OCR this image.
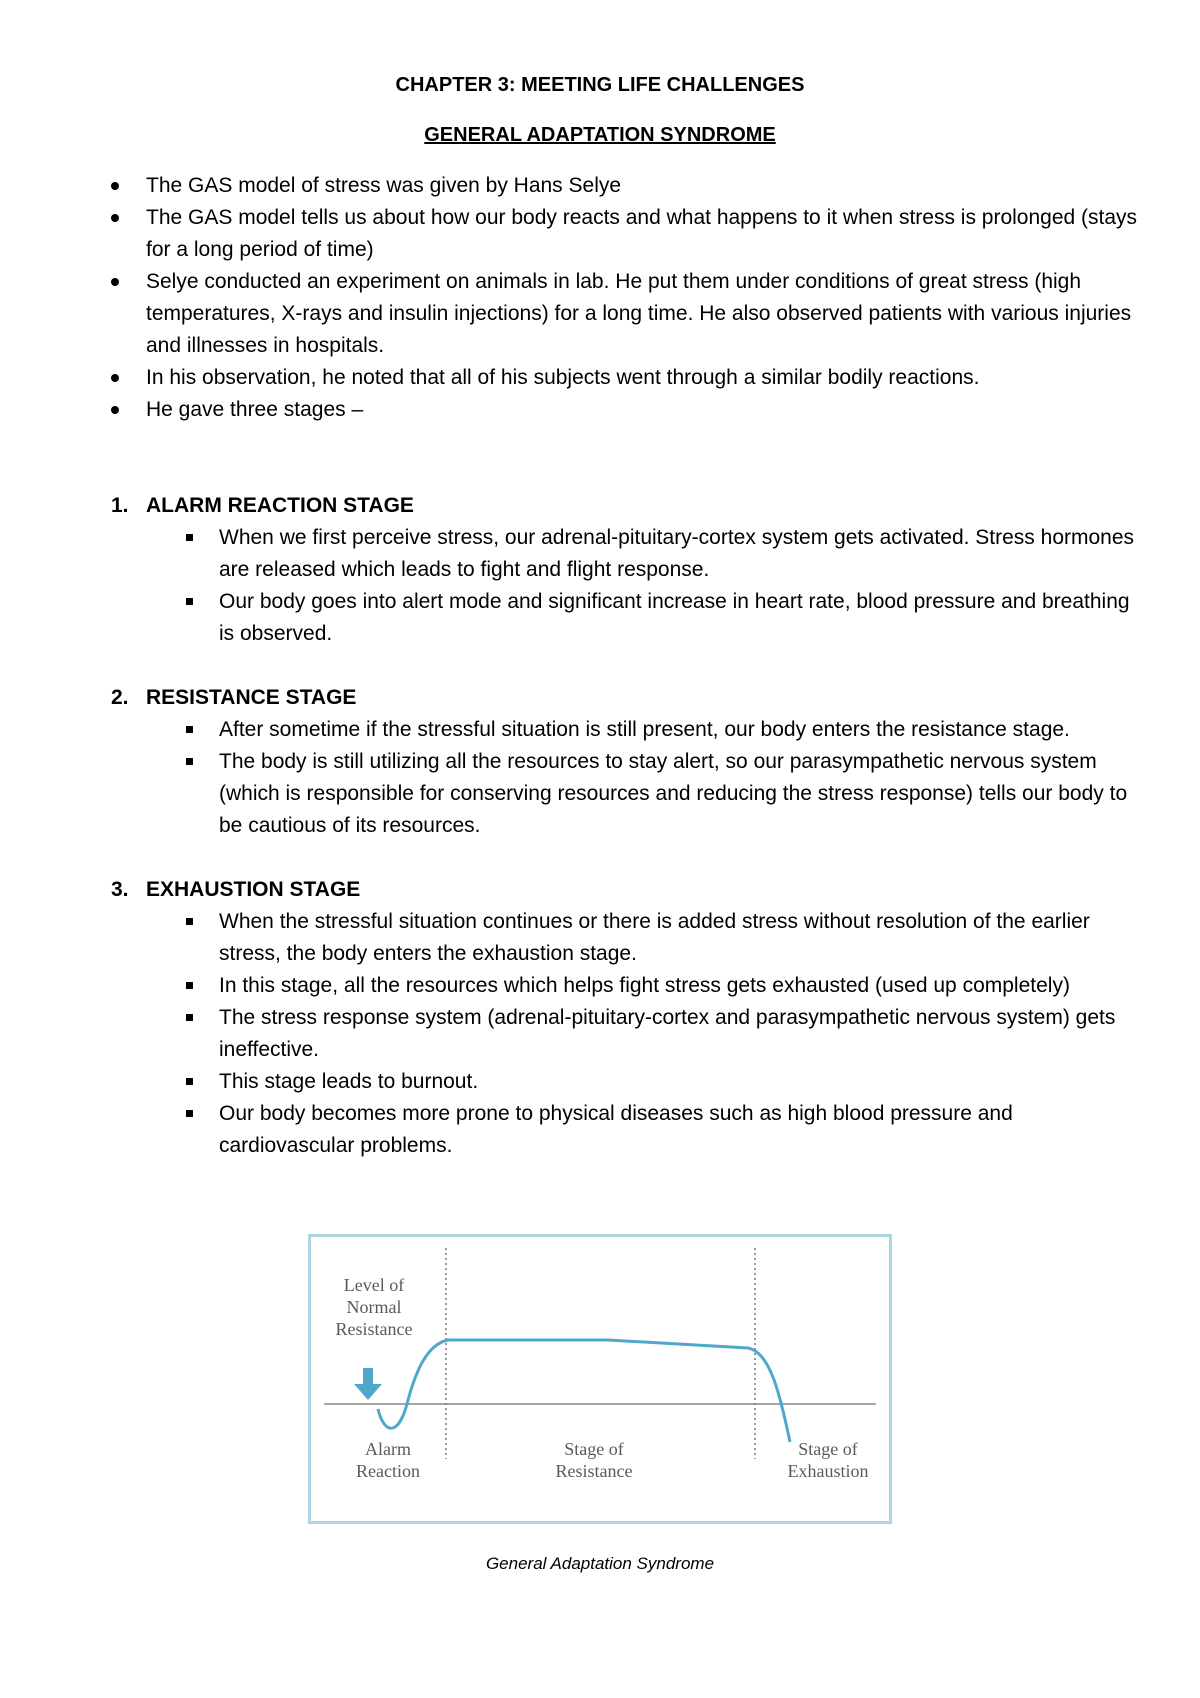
CHAPTER 3: MEETING LIFE CHALLENGES
GENERAL ADAPTATION SYNDROME
The GAS model of stress was given by Hans Selye
The GAS model tells us about how our body reacts and what happens to it when stress is prolonged (stays for a long period of time)
Selye conducted an experiment on animals in lab. He put them under conditions of great stress (high temperatures, X-rays and insulin injections) for a long time. He also observed patients with various injuries and illnesses in hospitals.
In his observation, he noted that all of his subjects went through a similar bodily reactions.
He gave three stages –
1. ALARM REACTION STAGE
When we first perceive stress, our adrenal-pituitary-cortex system gets activated. Stress hormones are released which leads to fight and flight response.
Our body goes into alert mode and significant increase in heart rate, blood pressure and breathing is observed.
2. RESISTANCE STAGE
After sometime if the stressful situation is still present, our body enters the resistance stage.
The body is still utilizing all the resources to stay alert, so our parasympathetic nervous system (which is responsible for conserving resources and reducing the stress response) tells our body to be cautious of its resources.
3. EXHAUSTION STAGE
When the stressful situation continues or there is added stress without resolution of the earlier stress, the body enters the exhaustion stage.
In this stage, all the resources which helps fight stress gets exhausted (used up completely)
The stress response system (adrenal-pituitary-cortex and parasympathetic nervous system) gets ineffective.
This stage leads to burnout.
Our body becomes more prone to physical diseases such as high blood pressure and cardiovascular problems.
Level of
Normal
Resistance
Alarm
Reaction
Stage of
Resistance
Stage of
Exhaustion
General Adaptation Syndrome
